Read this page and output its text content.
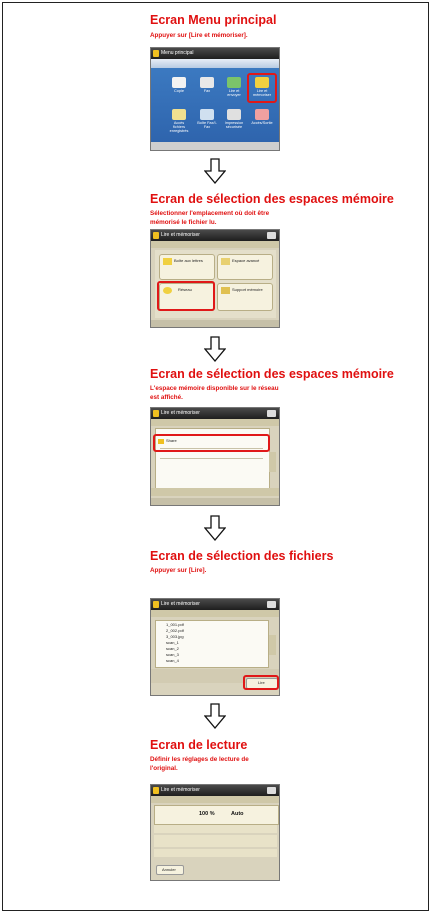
Ecran Menu principal
Appuyer sur [Lire et mémoriser].
Menu principal
Copie	Fax	Lire et envoyer
Lire et mémoriser
Accès fichiers enregistrés
Boîte Fax/I-Fax
Impression sécurisée
Accès/Sortie
Ecran de sélection des espaces mémoire
Sélectionner l'emplacement où doit être
mémorisé le fichier lu.
Lire et mémoriser
Boîte aux lettres	Espace avancé
Réseau	Support mémoire
Ecran de sélection des espaces mémoire
L'espace mémoire disponible sur le réseau
est affiché.
Lire et mémoriser
Share
Ecran de sélection des fichiers
Appuyer sur [Lire].
Lire et mémoriser
1_001.pdf
2_002.pdf
3_003.jpg
scan_1
scan_2
scan_3
scan_4
Lire
Ecran de lecture
Définir les réglages de lecture de
l'original.
Lire et mémoriser
100 %	Auto
Annuler
